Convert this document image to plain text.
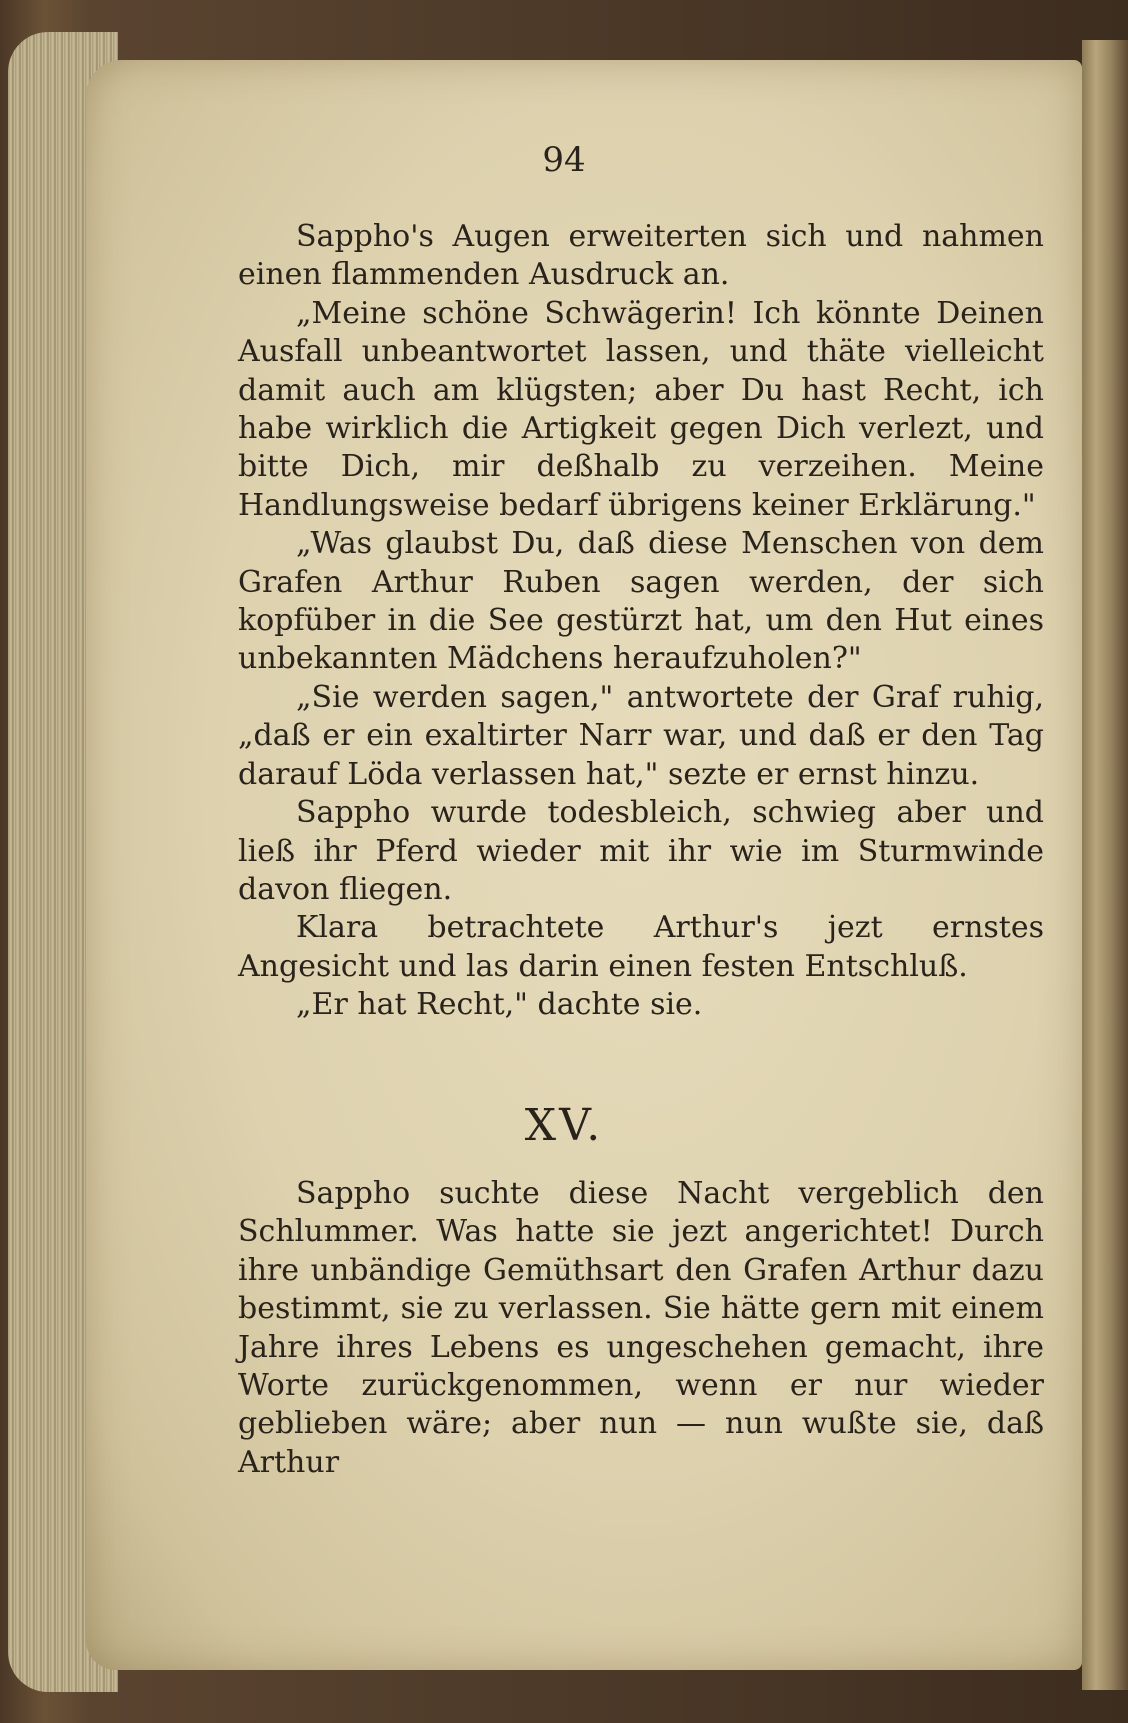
94

Sappho's Augen erweiterten sich und nahmen einen flammenden Ausdruck an.

„Meine schöne Schwägerin! Ich könnte Deinen Ausfall unbeantwortet lassen, und thäte vielleicht damit auch am klügsten; aber Du hast Recht, ich habe wirklich die Artigkeit gegen Dich verlezt, und bitte Dich, mir deßhalb zu verzeihen. Meine Handlungsweise bedarf übrigens keiner Erklärung."

„Was glaubst Du, daß diese Menschen von dem Grafen Arthur Ruben sagen werden, der sich kopfüber in die See gestürzt hat, um den Hut eines unbekannten Mädchens heraufzuholen?"

„Sie werden sagen," antwortete der Graf ruhig, „daß er ein exaltirter Narr war, und daß er den Tag darauf Löda verlassen hat," sezte er ernst hinzu.

Sappho wurde todesbleich, schwieg aber und ließ ihr Pferd wieder mit ihr wie im Sturmwinde davon fliegen.

Klara betrachtete Arthur's jezt ernstes Angesicht und las darin einen festen Entschluß.

„Er hat Recht," dachte sie.

XV.

Sappho suchte diese Nacht vergeblich den Schlummer. Was hatte sie jezt angerichtet! Durch ihre unbändige Gemüthsart den Grafen Arthur dazu bestimmt, sie zu verlassen. Sie hätte gern mit einem Jahre ihres Lebens es ungeschehen gemacht, ihre Worte zurückgenommen, wenn er nur wieder geblieben wäre; aber nun — nun wußte sie, daß Arthur
